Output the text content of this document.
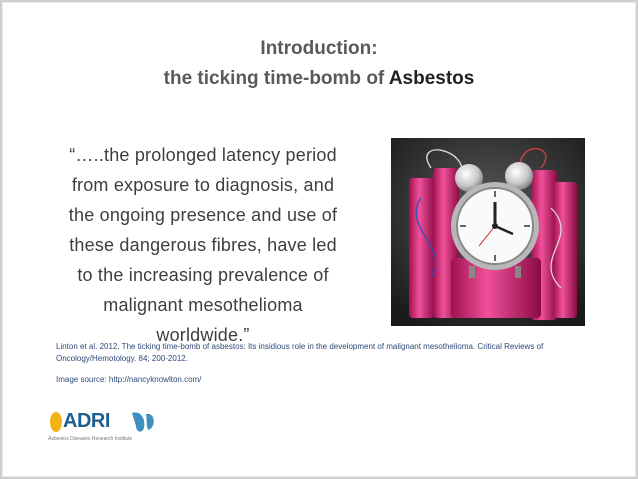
Introduction:
the ticking time-bomb of Asbestos
“…..the prolonged latency period
from exposure to diagnosis, and
the ongoing presence and use of
these dangerous fibres, have led
to the increasing prevalence of
malignant mesothelioma
worldwide.”
Linton et al. 2012. The ticking time-bomb of asbestos: Its insidious role in the development of malignant mesothelioma. Critical Reviews of Oncology/Hemotology. 84; 200-2012.
Image source: http://nancyknowlton.com/
ADRI
Asbestos Diseases Research Institute
